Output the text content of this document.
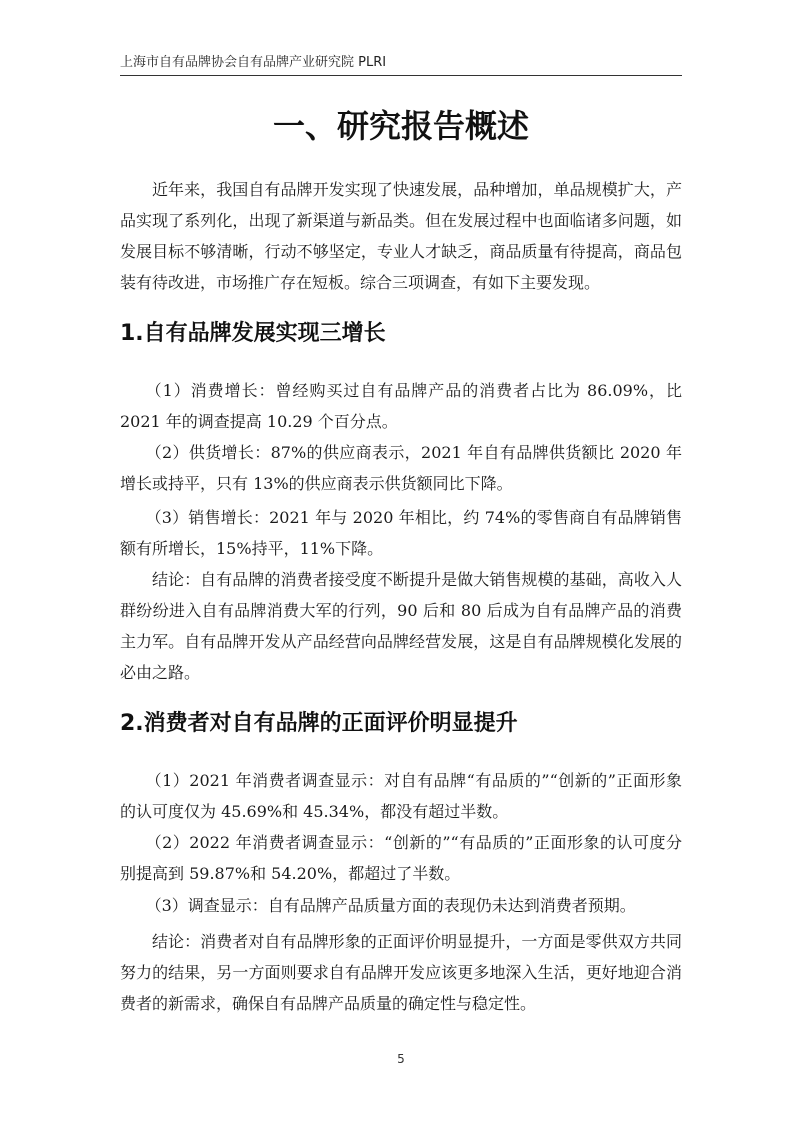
上海市自有品牌协会自有品牌产业研究院 PLRI
一、研究报告概述

近年来，我国自有品牌开发实现了快速发展，品种增加，单品规模扩大，产品实现了系列化，出现了新渠道与新品类。但在发展过程中也面临诸多问题，如发展目标不够清晰，行动不够坚定，专业人才缺乏，商品质量有待提高，商品包装有待改进，市场推广存在短板。综合三项调查，有如下主要发现。

1.自有品牌发展实现三增长

（1）消费增长：曾经购买过自有品牌产品的消费者占比为 86.09%，比 2021 年的调查提高 10.29 个百分点。

（2）供货增长：87%的供应商表示，2021 年自有品牌供货额比 2020 年增长或持平，只有 13%的供应商表示供货额同比下降。

（3）销售增长：2021 年与 2020 年相比，约 74%的零售商自有品牌销售额有所增长，15%持平，11%下降。

结论：自有品牌的消费者接受度不断提升是做大销售规模的基础，高收入人群纷纷进入自有品牌消费大军的行列，90 后和 80 后成为自有品牌产品的消费主力军。自有品牌开发从产品经营向品牌经营发展，这是自有品牌规模化发展的必由之路。

2.消费者对自有品牌的正面评价明显提升

（1）2021 年消费者调查显示：对自有品牌“有品质的”“创新的”正面形象的认可度仅为 45.69%和 45.34%，都没有超过半数。

（2）2022 年消费者调查显示：“创新的”“有品质的”正面形象的认可度分别提高到 59.87%和 54.20%，都超过了半数。

（3）调查显示：自有品牌产品质量方面的表现仍未达到消费者预期。

结论：消费者对自有品牌形象的正面评价明显提升，一方面是零供双方共同努力的结果，另一方面则要求自有品牌开发应该更多地深入生活，更好地迎合消费者的新需求，确保自有品牌产品质量的确定性与稳定性。

5
